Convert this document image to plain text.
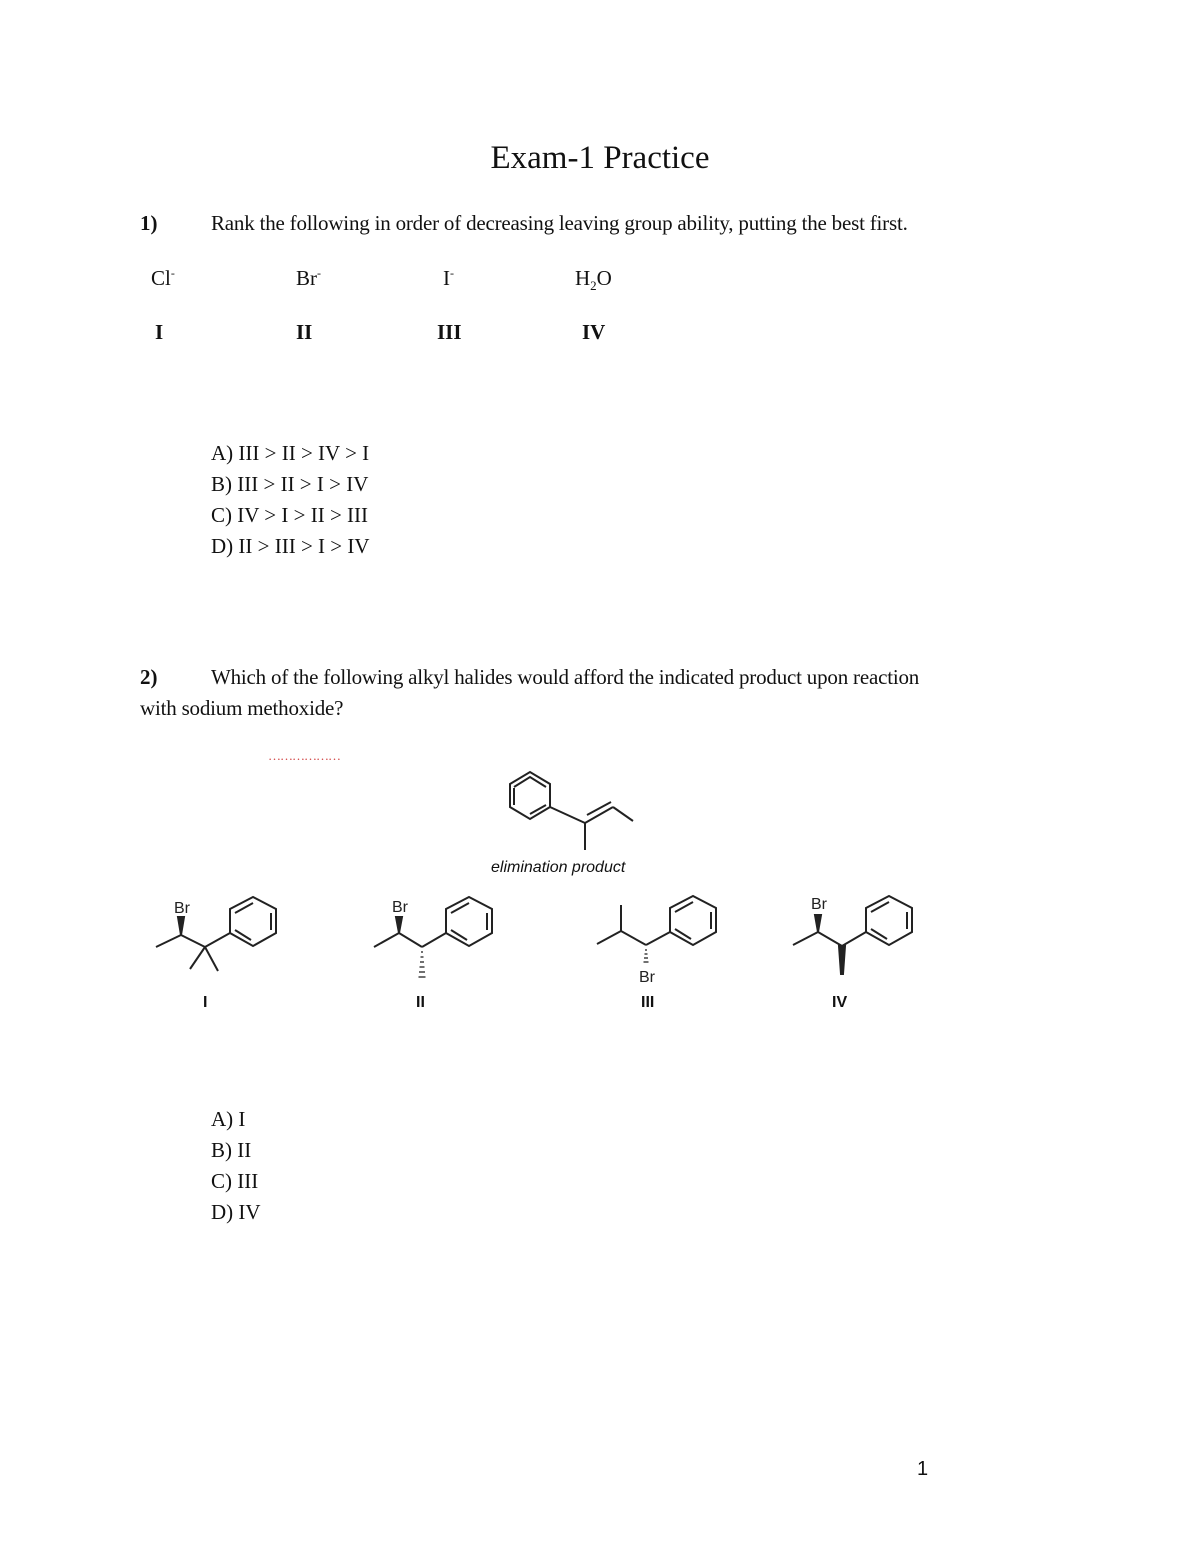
Exam-1 Practice
1)	Rank the following in order of decreasing leaving group ability, putting the best first.
Cl-	Br-	I-	$H_2O$
I	II	III	IV
A) III > II > IV > I
B) III > II > I > IV
C) IV > I > II > III
D) II > III > I > IV
2)	Which of the following alkyl halides would afford the indicated product upon reaction
with sodium methoxide?
………………
elimination product
Br
I
Br
II
Br
III
Br
IV
A) I
B) II
C) III
D) IV
1
